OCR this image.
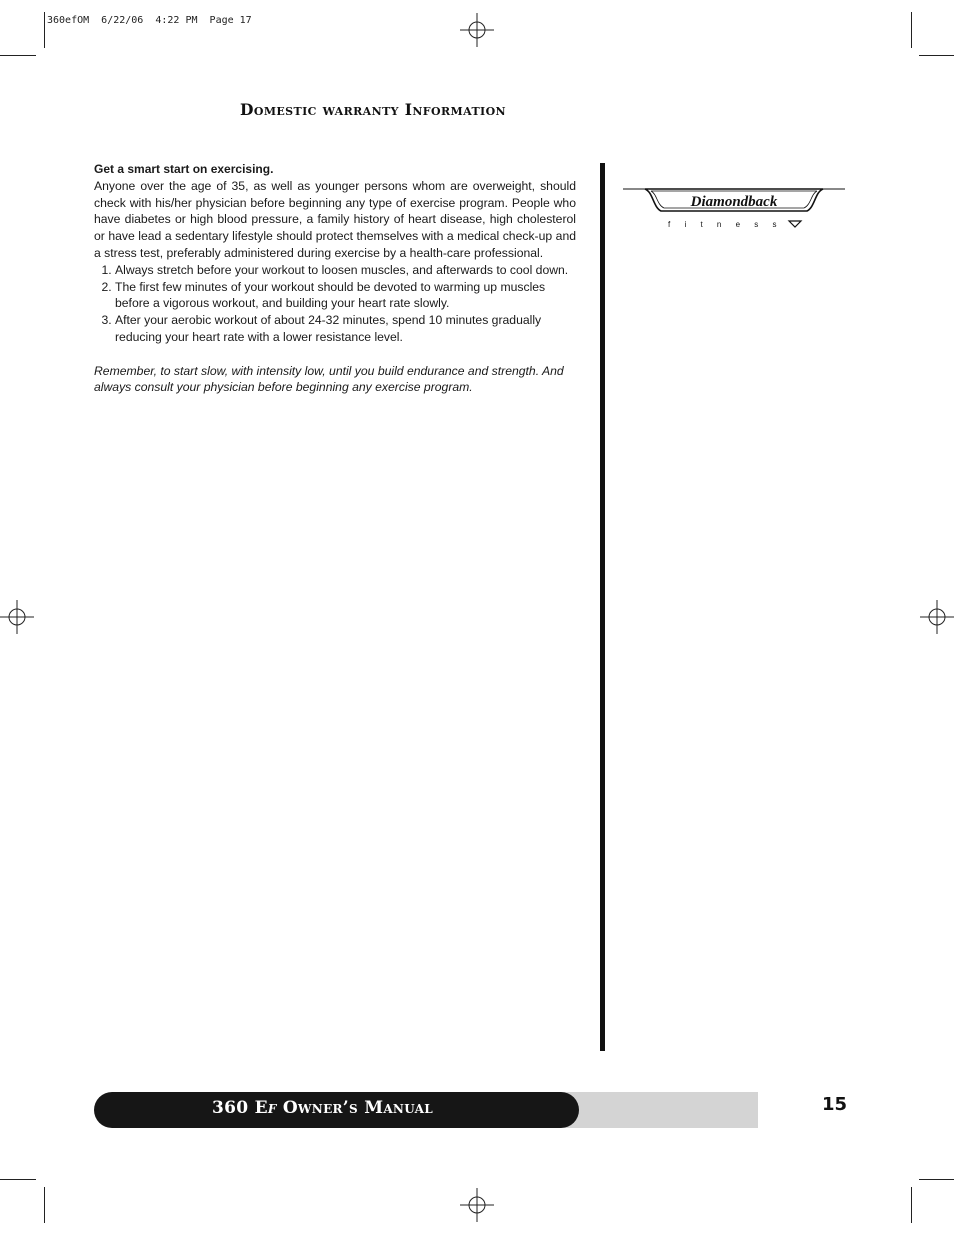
360efOM  6/22/06  4:22 PM  Page 17
Domestic warranty Information
Get a smart start on exercising.
Anyone over the age of 35, as well as younger persons whom are overweight, should check with his/her physician before beginning any type of exercise program. People who have diabetes or high blood pressure, a family history of heart disease, high cholesterol or have lead a sedentary lifestyle should protect themselves with a medical check-up and a stress test, preferably administered during exercise by a health-care professional.
1. Always stretch before your workout to loosen muscles, and afterwards to cool down.
2. The first few minutes of your workout should be devoted to warming up muscles before a vigorous workout, and building your heart rate slowly.
3. After your aerobic workout of about 24-32 minutes, spend 10 minutes gradually reducing your heart rate with a lower resistance level.
Remember, to start slow, with intensity low, until you build endurance and strength. And always consult your physician before beginning any exercise program.
Diamondback
f i t n e s s
360 Ef Owner’s Manual	15
